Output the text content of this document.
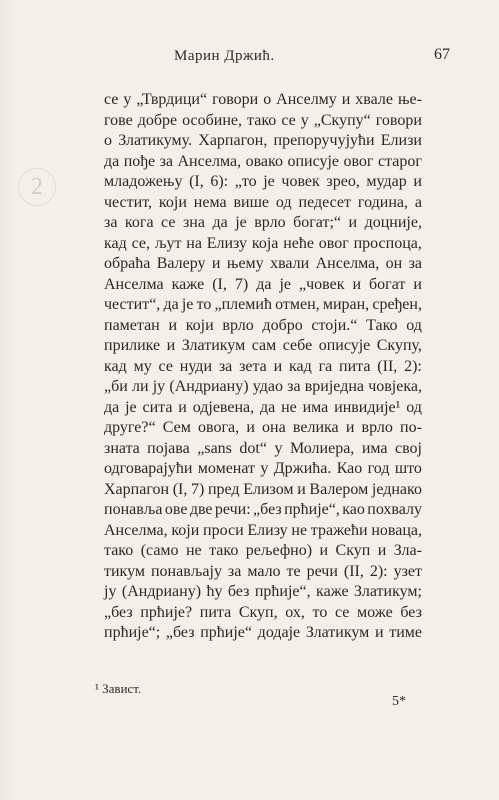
Марин Држић.	67
2
се у „Тврдици“ говори о Анселму и хвале ње-
гове добре особине, тако се у „Скупу“ говори
о Златикуму. Харпагон, препоручујући Елизи
да пође за Анселма, овако описује овог старог
младожењу (I, 6): „то је човек зрео, мудар и
честит, који нема више од педесет година, а
за кога се зна да је врло богат;“ и доцније,
кад се, љут на Елизу која неће овог проспоца,
обраћа Валеру и њему хвали Анселма, он за
Анселма каже (I, 7) да је „човек и богат и
честит“, да је то „племић отмен, миран, сређен,
паметан и који врло добро стоји.“ Тако од
прилике и Златикум сам себе описује Скупу,
кад му се нуди за зета и кад га пита (II, 2):
„би ли ју (Андриану) удао за вриједна човјека,
да је сита и одјевена, да не има инвидије¹ од
друге?“ Сем овога, и она велика и врло по-
знатa појава „sans dot“ у Молиера, има свој
одговарајући моменат у Држића. Као год што
Харпагон (I, 7) пред Елизом и Валером једнако
понавља ове две речи: „без прћије“, као похвалу
Анселма, који проси Елизу не тражећи новаца,
тако (само не тако рељефно) и Скуп и Зла-
тикум понављају за мало те речи (II, 2): узет
ју (Андриану) ћу без прћије“, каже Златикум;
„без прћије? пита Скуп, ох, то се може без
прћије“; „без прћије“ додаје Златикум и тиме
¹ Завист.
5*
